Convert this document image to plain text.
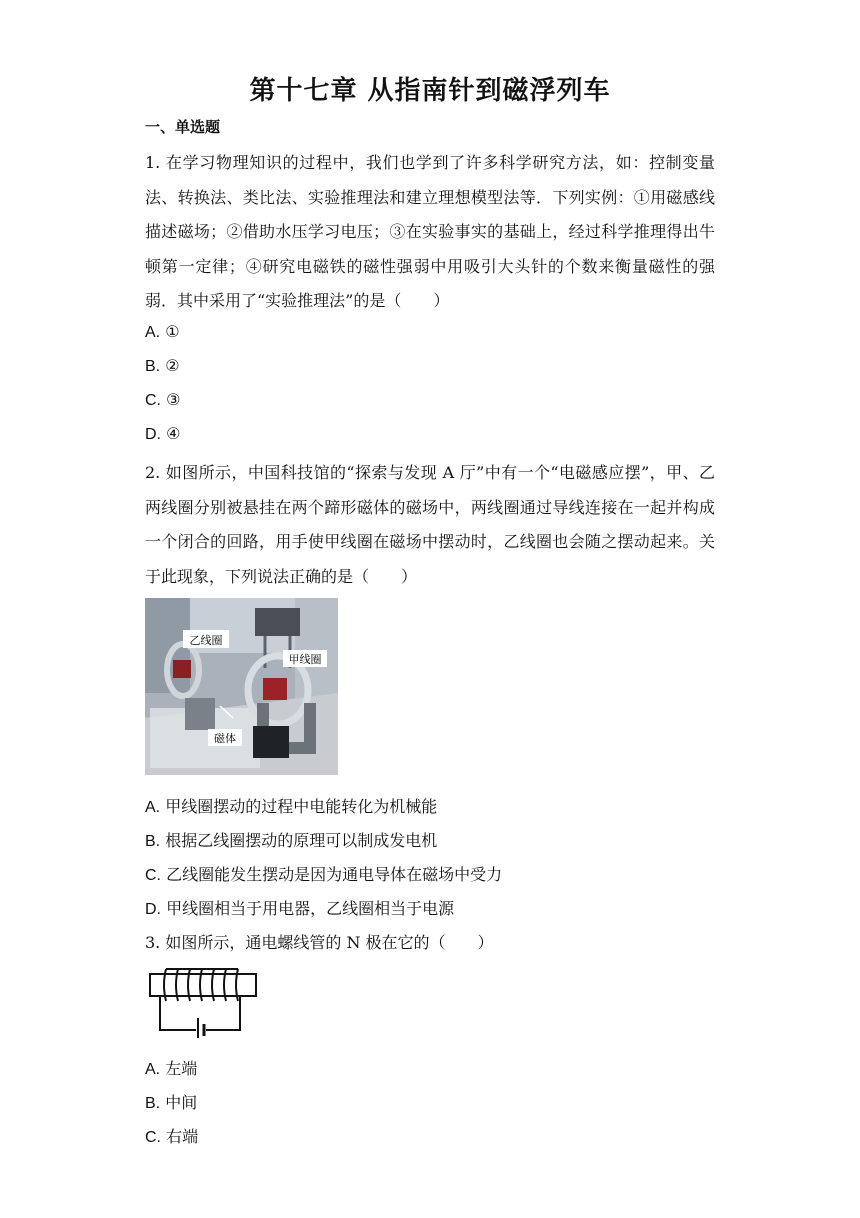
第十七章 从指南针到磁浮列车
一、单选题
1. 在学习物理知识的过程中，我们也学到了许多科学研究方法，如：控制变量法、转换法、类比法、实验推理法和建立理想模型法等．下列实例：①用磁感线描述磁场；②借助水压学习电压；③在实验事实的基础上，经过科学推理得出牛顿第一定律；④研究电磁铁的磁性强弱中用吸引大头针的个数来衡量磁性的强弱．其中采用了“实验推理法”的是（　　）
A. ①
B. ②
C. ③
D. ④
2. 如图所示，中国科技馆的“探索与发现 A 厅”中有一个“电磁感应摆”，甲、乙两线圈分别被悬挂在两个蹄形磁体的磁场中，两线圈通过导线连接在一起并构成一个闭合的回路，用手使甲线圈在磁场中摆动时，乙线圈也会随之摆动起来。关于此现象，下列说法正确的是（　　）
乙线圈
甲线圈
磁体
A. 甲线圈摆动的过程中电能转化为机械能
B. 根据乙线圈摆动的原理可以制成发电机
C. 乙线圈能发生摆动是因为通电导体在磁场中受力
D. 甲线圈相当于用电器，乙线圈相当于电源
3. 如图所示，通电螺线管的 N 极在它的（　　）
A. 左端
B. 中间
C. 右端
